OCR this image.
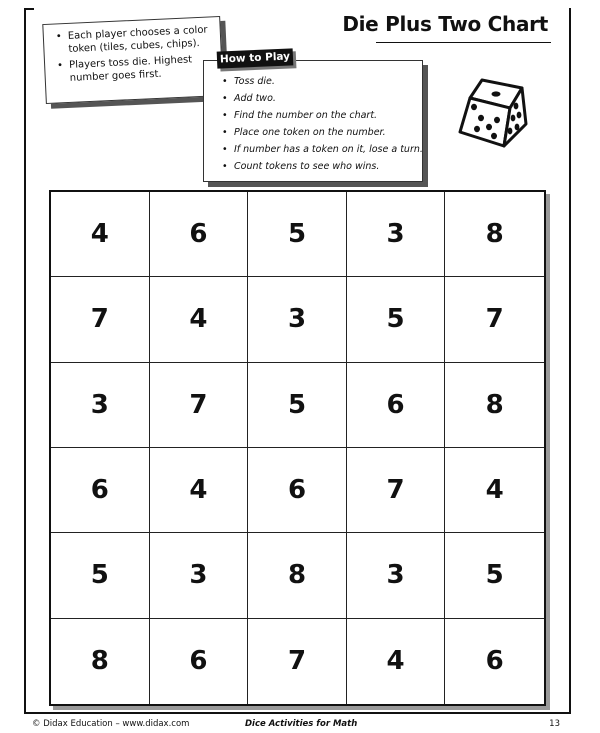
Die Plus Two Chart
• Each player chooses a color token (tiles, cubes, chips).
• Players toss die. Highest number goes first.
•	Toss die.
• Add two.
• Find the number on the chart.
• Place one token on the number.
• If number has a token on it, lose a turn.
• Count tokens to see who wins.
How to Play
4	6	5	3	8
7	4	3	5	7
3	7	5	6	8
6	4	6	7	4
5	3	8	3	5
8	6	7	4	6
© Didax Education – www.didax.com	Dice Activities for Math	13
